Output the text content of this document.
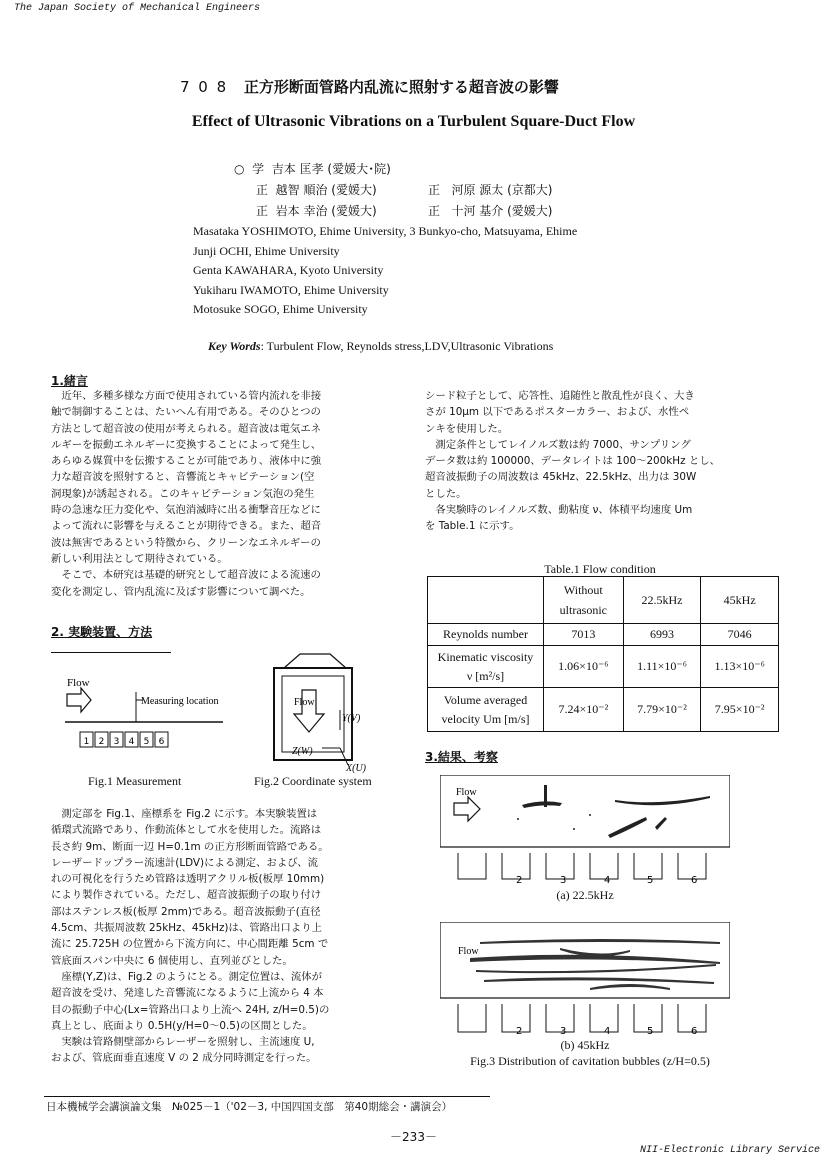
The Japan Society of Mechanical Engineers
7 0 8 正方形断面管路内乱流に照射する超音波の影響
Effect of Ultrasonic Vibrations on a Turbulent Square-Duct Flow
○ 学 吉本 匡孝 (愛媛大･院)
正 越智 順治 (愛媛大)	正 河原 源太 (京都大)
正 岩本 幸治 (愛媛大)	正 十河 基介 (愛媛大)
Masataka YOSHIMOTO, Ehime University, 3 Bunkyo-cho, Matsuyama, Ehime
Junji OCHI, Ehime University
Genta KAWAHARA, Kyoto University
Yukiharu IWAMOTO, Ehime University
Motosuke SOGO, Ehime University
Key Words: Turbulent Flow, Reynolds stress,LDV,Ultrasonic Vibrations
1.緒言
　近年、多種多様な方面で使用されている管内流れを非接
触で制御することは、たいへん有用である。そのひとつの
方法として超音波の使用が考えられる。超音波は電気エネ
ルギーを振動エネルギーに変換することによって発生し、
あらゆる媒質中を伝搬することが可能であり、液体中に強
力な超音波を照射すると、音響流とキャビテーション(空
洞現象)が誘起される。このキャビテーション気泡の発生
時の急速な圧力変化や、気泡消滅時に出る衝撃音圧などに
よって流れに影響を与えることが期待できる。また、超音
波は無害であるという特徴から、クリーンなエネルギーの
新しい利用法として期待されている。
　そこで、本研究は基礎的研究として超音波による流速の
変化を測定し、管内乱流に及ぼす影響について調べた。
2. 実験装置、方法
Flow
Measuring location
1 2 3 4 5 6
Fig.1 Measurement
Flow
Y(V)
Z(W)
X(U)
Fig.2 Coordinate system
　測定部を Fig.1、座標系を Fig.2 に示す。本実験装置は
循環式流路であり、作動流体として水を使用した。流路は
長さ約 9m、断面一辺 H=0.1m の正方形断面管路である。
レーザードップラー流速計(LDV)による測定、および、流
れの可視化を行うため管路は透明アクリル板(板厚 10mm)
により製作されている。ただし、超音波振動子の取り付け
部はステンレス板(板厚 2mm)である。超音波振動子(直径
4.5cm、共振周波数 25kHz、45kHz)は、管路出口より上
流に 25.725H の位置から下流方向に、中心間距離 5cm で
管底面スパン中央に 6 個使用し、直列並びとした。
　座標(Y,Z)は、Fig.2 のようにとる。測定位置は、流体が
超音波を受け、発達した音響流になるように上流から 4 本
目の振動子中心(Lx=管路出口より上流へ 24H, z/H=0.5)の
真上とし、底面より 0.5H(y/H=0〜0.5)の区間とした。
　実験は管路側壁部からレーザーを照射し、主流速度 U,
および、管底面垂直速度 V の 2 成分同時測定を行った。
シード粒子として、応答性、追随性と散乱性が良く、大き
さが 10μm 以下であるポスターカラー、および、水性ペ
ンキを使用した。
　測定条件としてレイノルズ数は約 7000、サンプリング
データ数は約 100000、データレイトは 100〜200kHz とし、
超音波振動子の周波数は 45kHz、22.5kHz、出力は 30W
とした。
　各実験時のレイノルズ数、動粘度 ν、体積平均速度 Um
を Table.1 に示す。
Table.1 Flow condition

	Without
ultrasonic	22.5kHz	45kHz
Reynolds number	7013	6993	7046

Kinematic viscosity
ν [m²/s]	1.06×10⁻⁶	1.11×10⁻⁶	1.13×10⁻⁶

Volume averaged
velocity Um [m/s]	7.24×10⁻²	7.79×10⁻²	7.95×10⁻²
3.結果、考察
Flow
2	3	4	5	6
(a) 22.5kHz
Flow
2	3	4	5	6
(b) 45kHz
Fig.3 Distribution of cavitation bubbles (z/H=0.5)
日本機械学会講演論文集　№025－1（'02－3, 中国四国支部　第40期総会・講演会）
－233－
NII-Electronic Library Service
